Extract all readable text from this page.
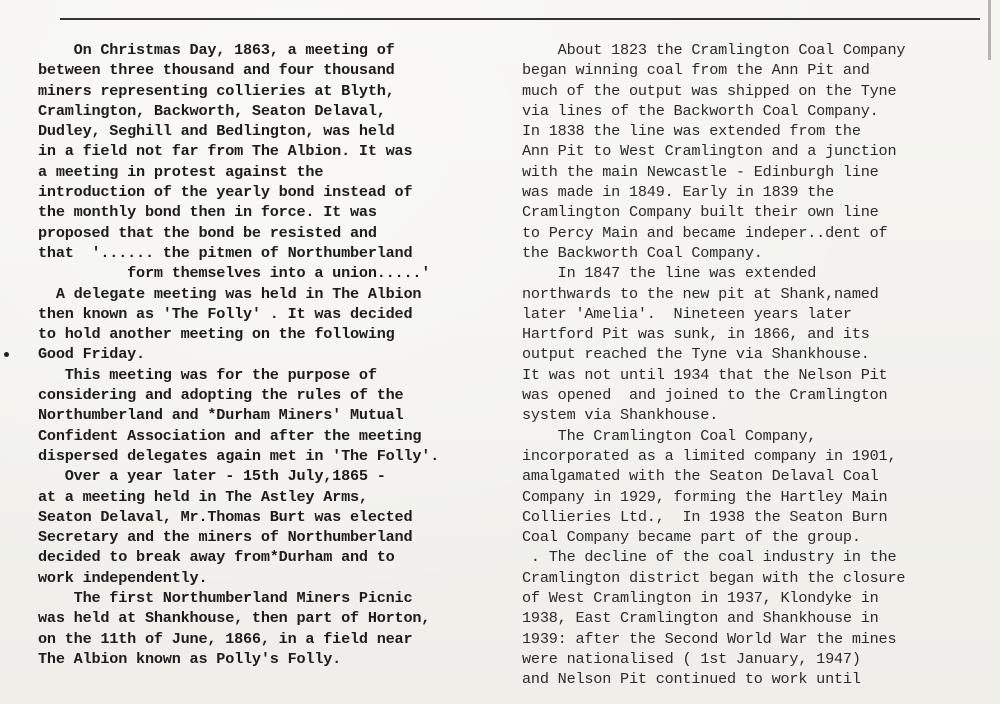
On Christmas Day, 1863, a meeting of
between three thousand and four thousand
miners representing collieries at Blyth,
Cramlington, Backworth, Seaton Delaval,
Dudley, Seghill and Bedlington, was held
in a field not far from The Albion. It was
a meeting in protest against the
introduction of the yearly bond instead of
the monthly bond then in force. It was
proposed that the bond be resisted and
that  '...... the pitmen of Northumberland
form themselves into a union.....'
A delegate meeting was held in The Albion
then known as 'The Folly' . It was decided
to hold another meeting on the following
Good Friday.
This meeting was for the purpose of
considering and adopting the rules of the
Northumberland and *Durham Miners' Mutual
Confident Association and after the meeting
dispersed delegates again met in 'The Folly'.
Over a year later - 15th July,1865 -
at a meeting held in The Astley Arms,
Seaton Delaval, Mr.Thomas Burt was elected
Secretary and the miners of Northumberland
decided to break away from*Durham and to
work independently.
The first Northumberland Miners Picnic
was held at Shankhouse, then part of Horton,
on the 11th of June, 1866, in a field near
The Albion known as Polly's Folly.
About 1823 the Cramlington Coal Company
began winning coal from the Ann Pit and
much of the output was shipped on the Tyne
via lines of the Backworth Coal Company.
In 1838 the line was extended from the
Ann Pit to West Cramlington and a junction
with the main Newcastle - Edinburgh line
was made in 1849. Early in 1839 the
Cramlington Company built their own line
to Percy Main and became indeper..dent of
the Backworth Coal Company.
In 1847 the line was extended
northwards to the new pit at Shank,named
later 'Amelia'.  Nineteen years later
Hartford Pit was sunk, in 1866, and its
output reached the Tyne via Shankhouse.
It was not until 1934 that the Nelson Pit
was opened  and joined to the Cramlington
system via Shankhouse.
The Cramlington Coal Company,
incorporated as a limited company in 1901,
amalgamated with the Seaton Delaval Coal
Company in 1929, forming the Hartley Main
Collieries Ltd.,  In 1938 the Seaton Burn
Coal Company became part of the group.
. The decline of the coal industry in the
Cramlington district began with the closure
of West Cramlington in 1937, Klondyke in
1938, East Cramlington and Shankhouse in
1939: after the Second World War the mines
were nationalised ( 1st January, 1947)
and Nelson Pit continued to work until
